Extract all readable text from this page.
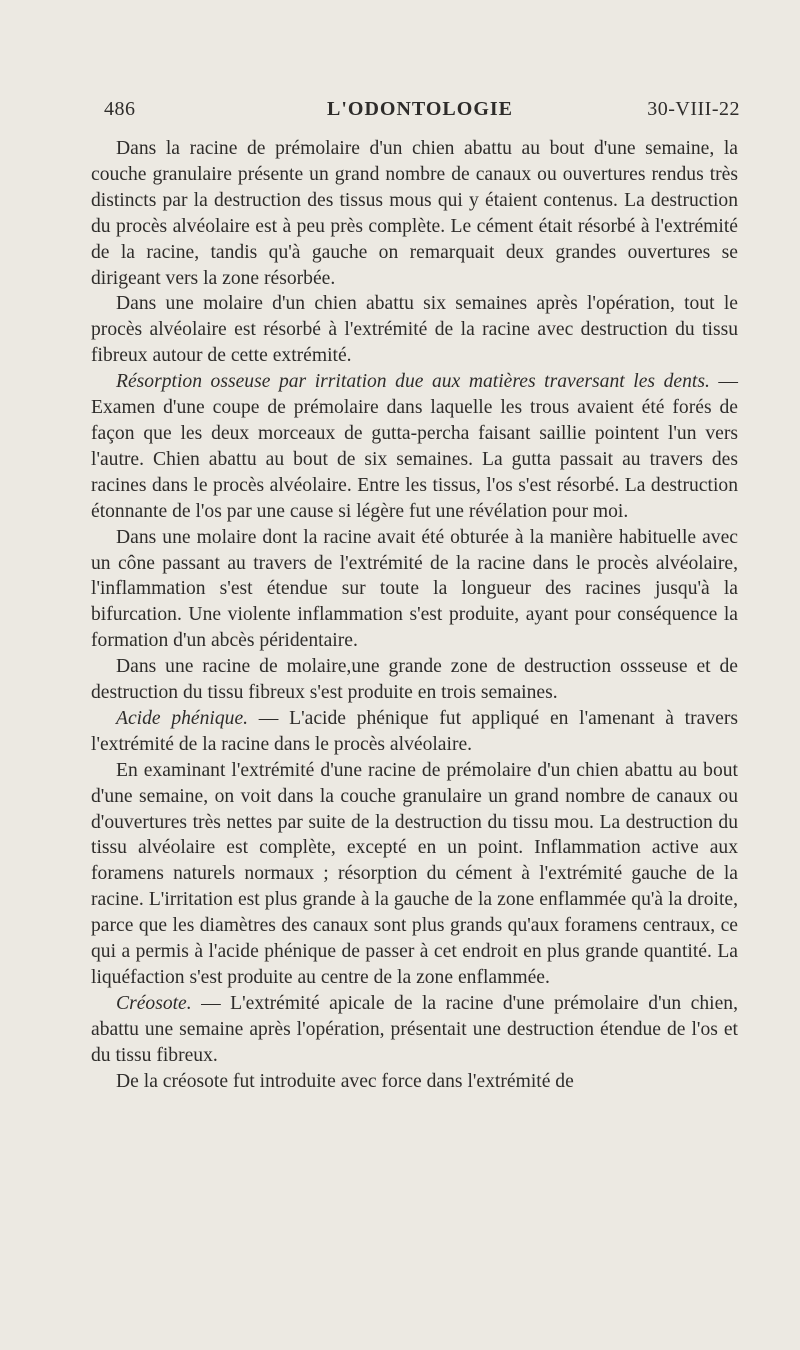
486	L'ODONTOLOGIE	30-VIII-22

Dans la racine de prémolaire d'un chien abattu au bout d'une semaine, la couche granulaire présente un grand nombre de canaux ou ouvertures rendus très distincts par la destruction des tissus mous qui y étaient contenus. La destruction du procès alvéolaire est à peu près complète. Le cément était résorbé à l'extrémité de la racine, tandis qu'à gauche on remarquait deux grandes ouvertures se dirigeant vers la zone résorbée.

Dans une molaire d'un chien abattu six semaines après l'opération, tout le procès alvéolaire est résorbé à l'extrémité de la racine avec destruction du tissu fibreux autour de cette extrémité.

Résorption osseuse par irritation due aux matières traversant les dents. — Examen d'une coupe de prémolaire dans laquelle les trous avaient été forés de façon que les deux morceaux de gutta-percha faisant saillie pointent l'un vers l'autre. Chien abattu au bout de six semaines. La gutta passait au travers des racines dans le procès alvéolaire. Entre les tissus, l'os s'est résorbé. La destruction étonnante de l'os par une cause si légère fut une révélation pour moi.

Dans une molaire dont la racine avait été obturée à la manière habituelle avec un cône passant au travers de l'extrémité de la racine dans le procès alvéolaire, l'inflammation s'est étendue sur toute la longueur des racines jusqu'à la bifurcation. Une violente inflammation s'est produite, ayant pour conséquence la formation d'un abcès péridentaire.

Dans une racine de molaire,une grande zone de destruction ossseuse et de destruction du tissu fibreux s'est produite en trois semaines.

Acide phénique. — L'acide phénique fut appliqué en l'amenant à travers l'extrémité de la racine dans le procès alvéolaire.

En examinant l'extrémité d'une racine de prémolaire d'un chien abattu au bout d'une semaine, on voit dans la couche granulaire un grand nombre de canaux ou d'ouvertures très nettes par suite de la destruction du tissu mou. La destruction du tissu alvéolaire est complète, excepté en un point. Inflammation active aux foramens naturels normaux ; résorption du cément à l'extrémité gauche de la racine. L'irritation est plus grande à la gauche de la zone enflammée qu'à la droite, parce que les diamètres des canaux sont plus grands qu'aux foramens centraux, ce qui a permis à l'acide phénique de passer à cet endroit en plus grande quantité. La liquéfaction s'est produite au centre de la zone enflammée.

Créosote. — L'extrémité apicale de la racine d'une prémolaire d'un chien, abattu une semaine après l'opération, présentait une destruction étendue de l'os et du tissu fibreux.

De la créosote fut introduite avec force dans l'extrémité de
